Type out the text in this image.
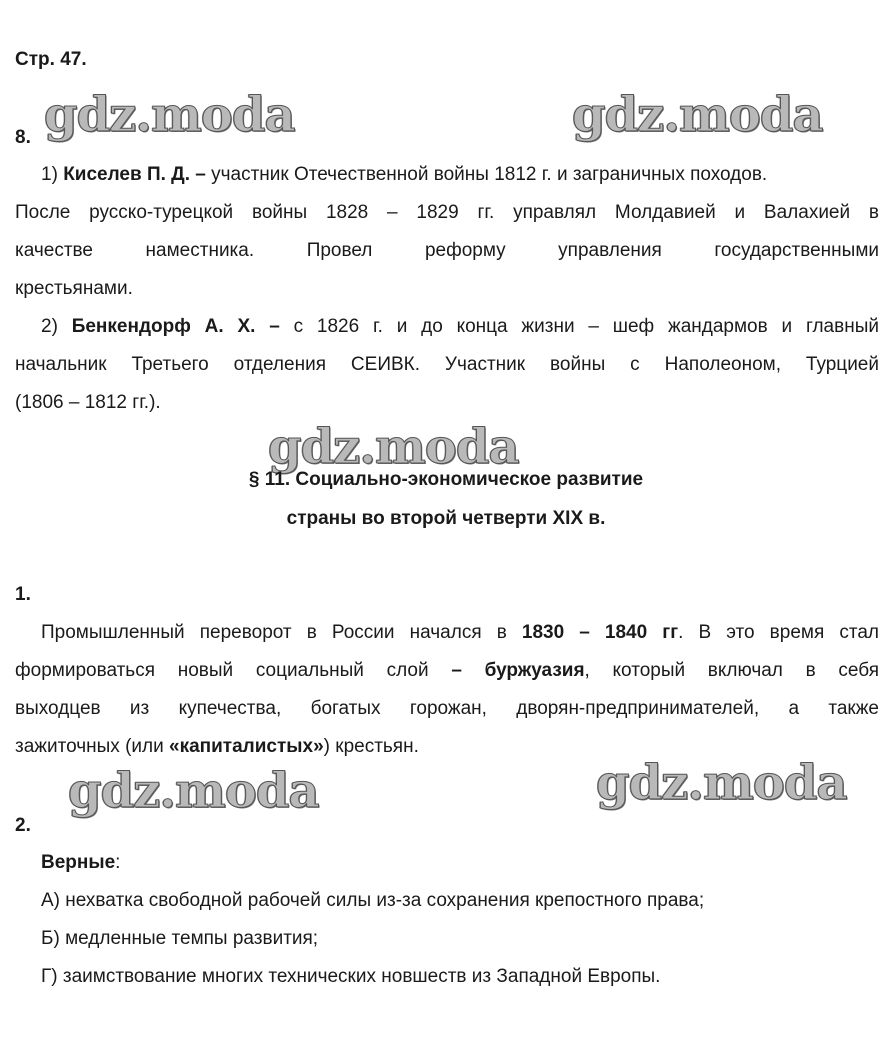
gdz.moda	gdz.moda
gdz.moda
gdz.moda
gdz.moda
Стр. 47.
8.
1) Киселев П. Д. – участник Отечественной войны 1812 г. и заграничных походов.
После русско-турецкой войны 1828 – 1829 гг. управлял Молдавией и Валахией в
качестве наместника. Провел реформу управления государственными
крестьянами.
2) Бенкендорф А. Х. – с 1826 г. и до конца жизни – шеф жандармов и главный
начальник Третьего отделения СЕИВК. Участник войны с Наполеоном, Турцией
(1806 – 1812 гг.).
§ 11. Социально-экономическое развитие
страны во второй четверти XIX в.
1.
Промышленный переворот в России начался в 1830 – 1840 гг. В это время стал
формироваться новый социальный слой – буржуазия, который включал в себя
выходцев из купечества, богатых горожан, дворян-предпринимателей, а также
зажиточных (или «капиталистых») крестьян.
2.
Верные:
А) нехватка свободной рабочей силы из-за сохранения крепостного права;
Б) медленные темпы развития;
Г) заимствование многих технических новшеств из Западной Европы.
